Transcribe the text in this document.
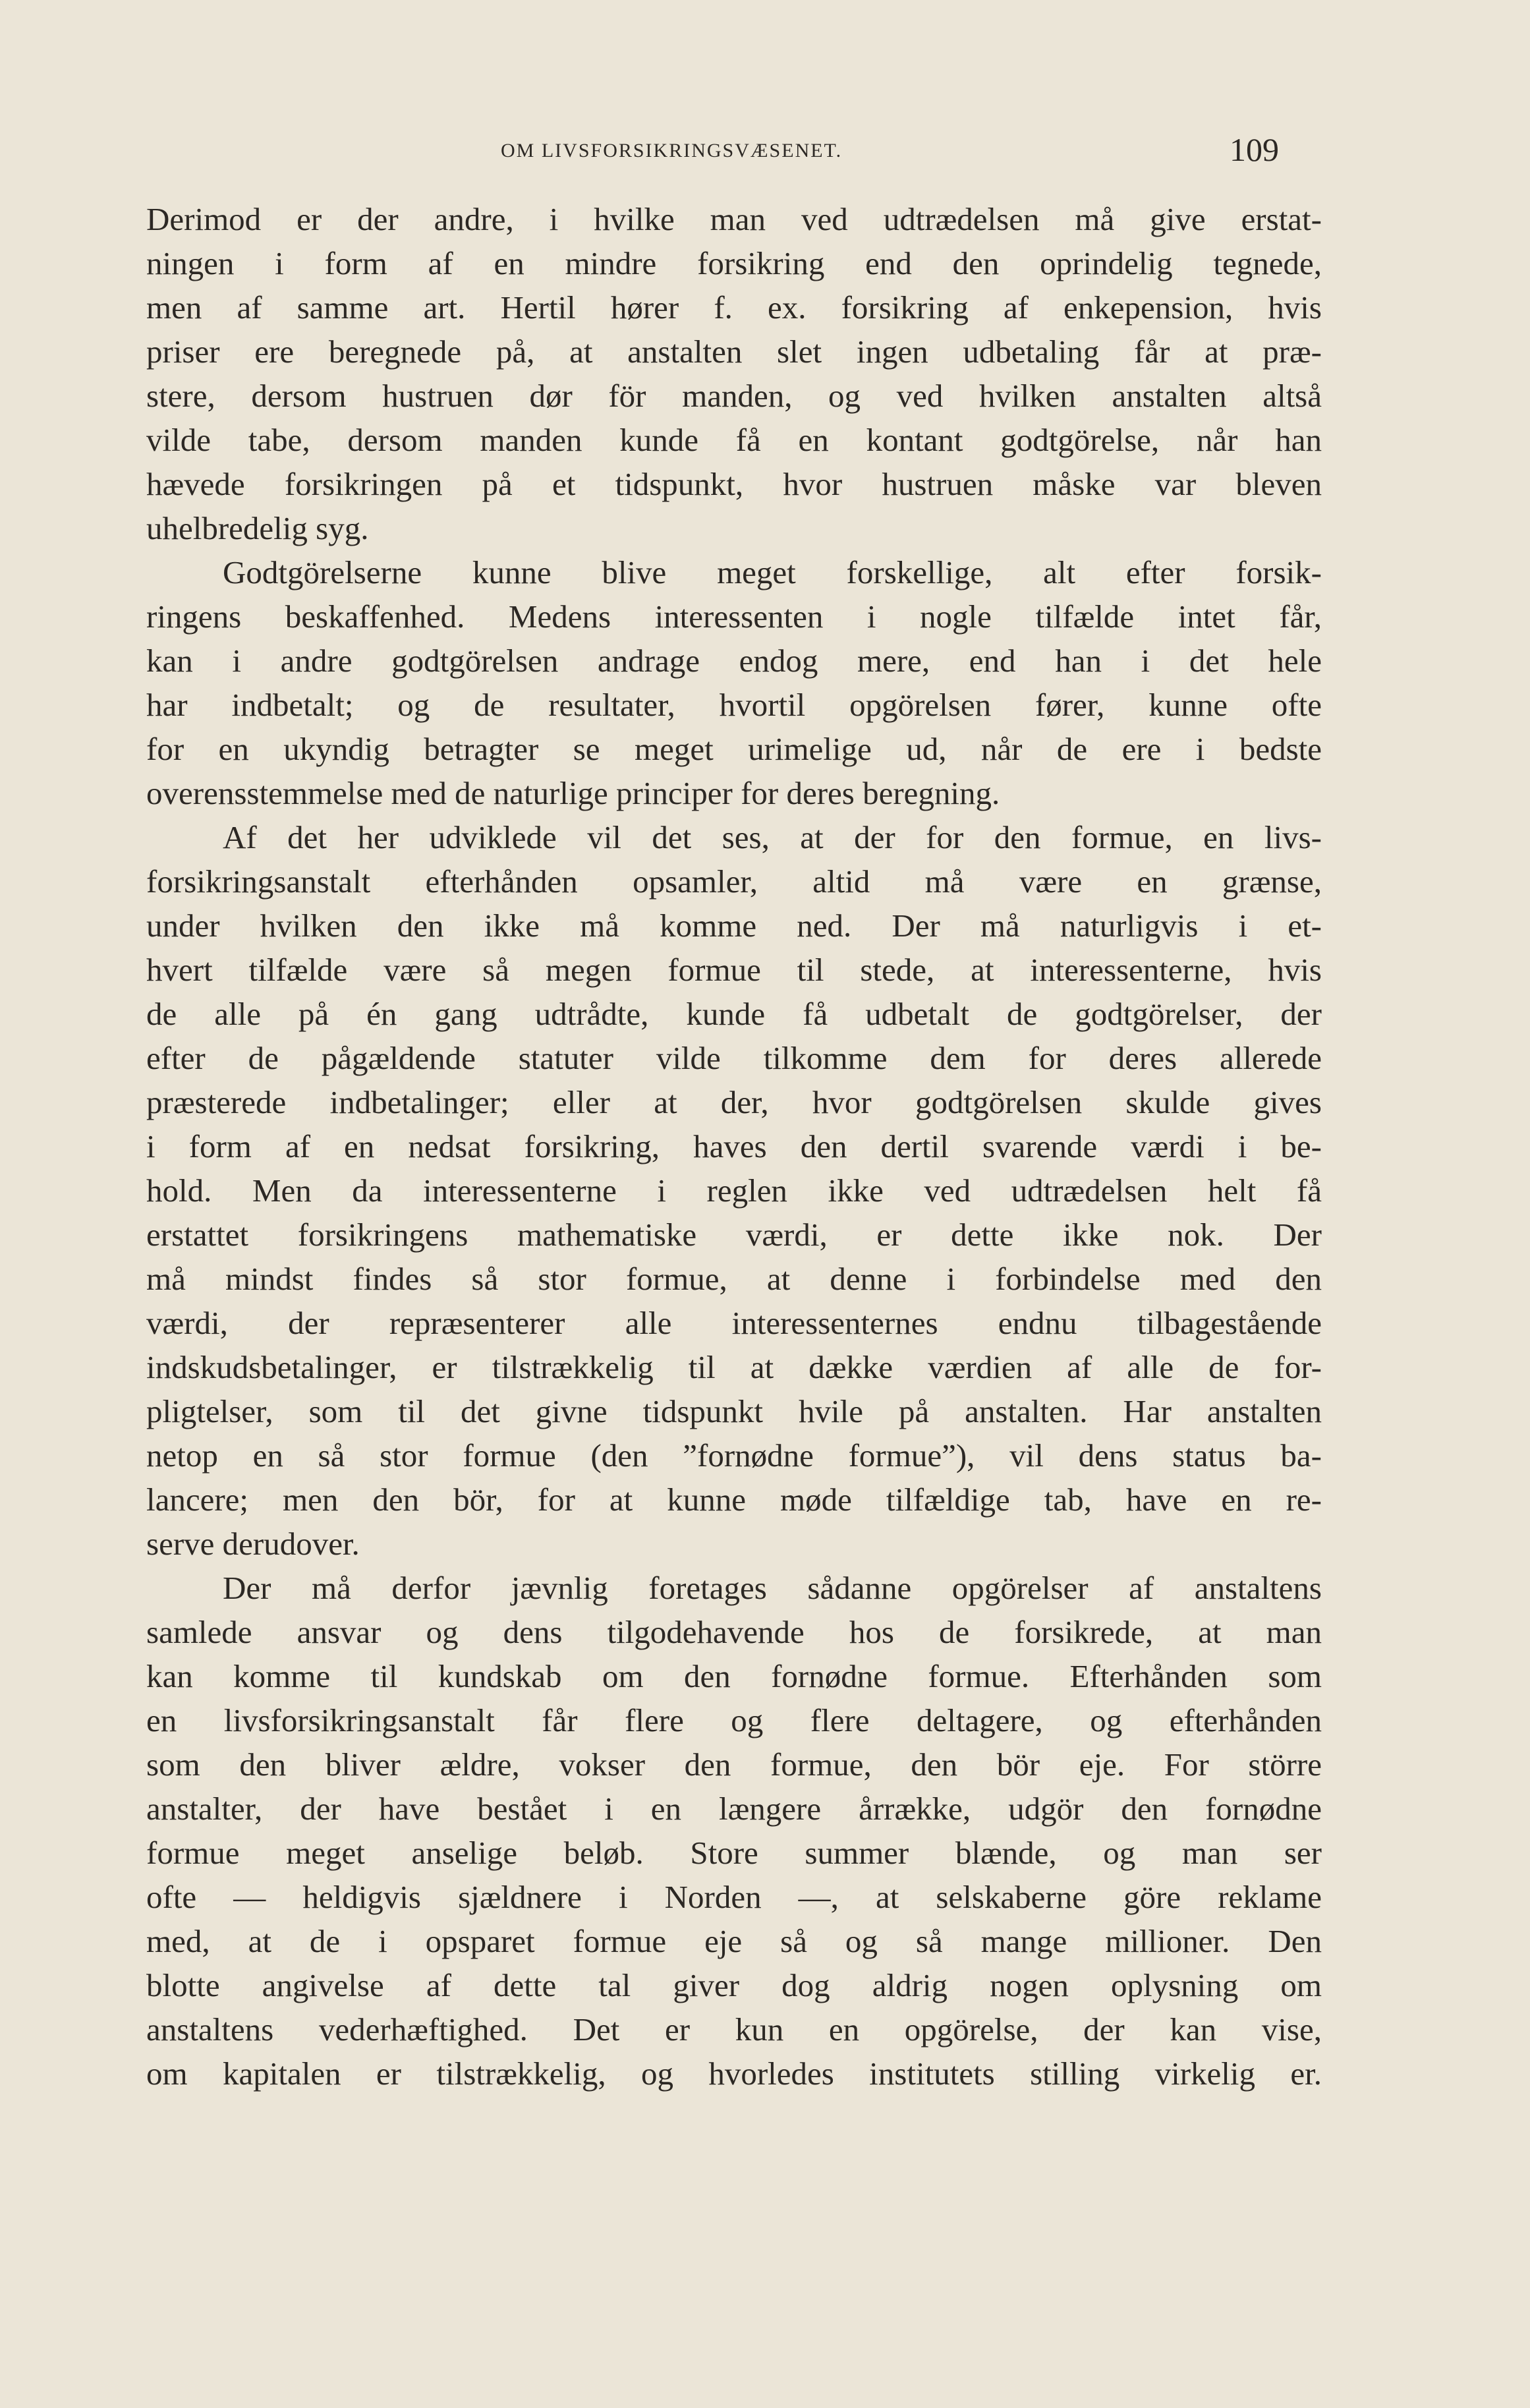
OM LIVSFORSIKRINGSVÆSENET.	109
Derimod er der andre, i hvilke man ved udtrædelsen må give erstat-
ningen i form af en mindre forsikring end den oprindelig tegnede,
men af samme art. Hertil hører f. ex. forsikring af enkepension, hvis
priser ere beregnede på, at anstalten slet ingen udbetaling får at præ-
stere, dersom hustruen dør för manden, og ved hvilken anstalten altså
vilde tabe, dersom manden kunde få en kontant godtgörelse, når han
hævede forsikringen på et tidspunkt, hvor hustruen måske var bleven
uhelbredelig syg.
Godtgörelserne kunne blive meget forskellige, alt efter forsik-
ringens beskaffenhed. Medens interessenten i nogle tilfælde intet får,
kan i andre godtgörelsen andrage endog mere, end han i det hele
har indbetalt; og de resultater, hvortil opgörelsen fører, kunne ofte
for en ukyndig betragter se meget urimelige ud, når de ere i bedste
overensstemmelse med de naturlige principer for deres beregning.
Af det her udviklede vil det ses, at der for den formue, en livs-
forsikringsanstalt efterhånden opsamler, altid må være en grænse,
under hvilken den ikke må komme ned. Der må naturligvis i et-
hvert tilfælde være så megen formue til stede, at interessenterne, hvis
de alle på én gang udtrådte, kunde få udbetalt de godtgörelser, der
efter de pågældende statuter vilde tilkomme dem for deres allerede
præsterede indbetalinger; eller at der, hvor godtgörelsen skulde gives
i form af en nedsat forsikring, haves den dertil svarende værdi i be-
hold. Men da interessenterne i reglen ikke ved udtrædelsen helt få
erstattet forsikringens mathematiske værdi, er dette ikke nok. Der
må mindst findes så stor formue, at denne i forbindelse med den
værdi, der repræsenterer alle interessenternes endnu tilbagestående
indskudsbetalinger, er tilstrækkelig til at dække værdien af alle de for-
pligtelser, som til det givne tidspunkt hvile på anstalten. Har anstalten
netop en så stor formue (den ”fornødne formue”), vil dens status ba-
lancere; men den bör, for at kunne møde tilfældige tab, have en re-
serve derudover.
Der må derfor jævnlig foretages sådanne opgörelser af anstaltens
samlede ansvar og dens tilgodehavende hos de forsikrede, at man
kan komme til kundskab om den fornødne formue. Efterhånden som
en livsforsikringsanstalt får flere og flere deltagere, og efterhånden
som den bliver ældre, vokser den formue, den bör eje. For större
anstalter, der have bestået i en længere årrække, udgör den fornødne
formue meget anselige beløb. Store summer blænde, og man ser
ofte — heldigvis sjældnere i Norden —, at selskaberne göre reklame
med, at de i opsparet formue eje så og så mange millioner. Den
blotte angivelse af dette tal giver dog aldrig nogen oplysning om
anstaltens vederhæftighed. Det er kun en opgörelse, der kan vise,
om kapitalen er tilstrækkelig, og hvorledes institutets stilling virkelig er.
